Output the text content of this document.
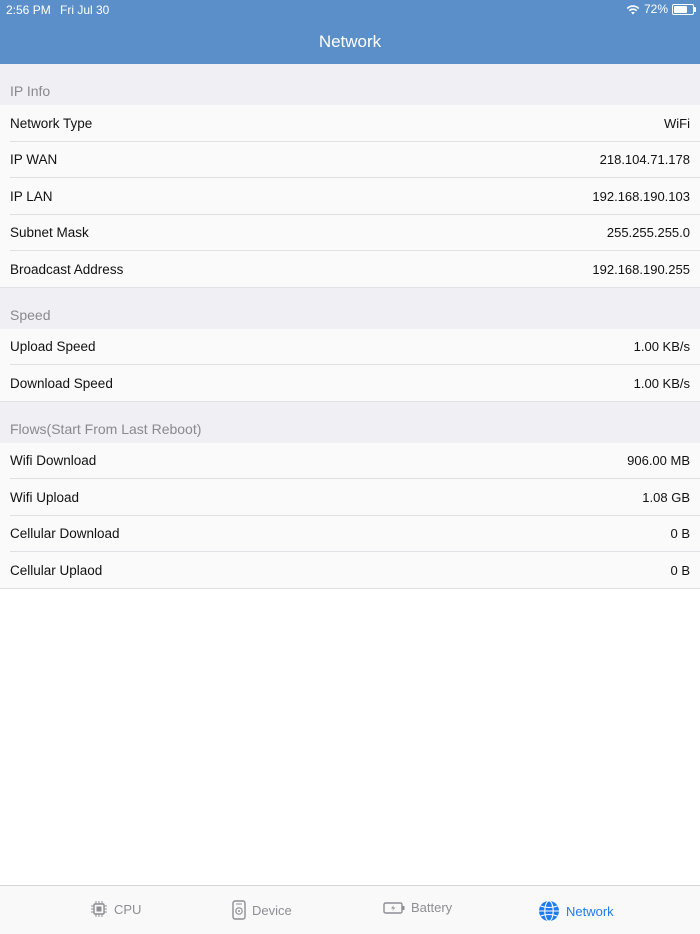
2:56 PM Fri Jul 30	72%
Network
IP Info
Network Type	WiFi
IP WAN	218.104.71.178
IP LAN	192.168.190.103
Subnet Mask	255.255.255.0
Broadcast Address	192.168.190.255
Speed
Upload Speed	1.00 KB/s
Download Speed	1.00 KB/s
Flows(Start From Last Reboot)
Wifi Download	906.00 MB
Wifi Upload	1.08 GB
Cellular Download	0 B
Cellular Uplaod	0 B
CPU	Device	Battery	Network
